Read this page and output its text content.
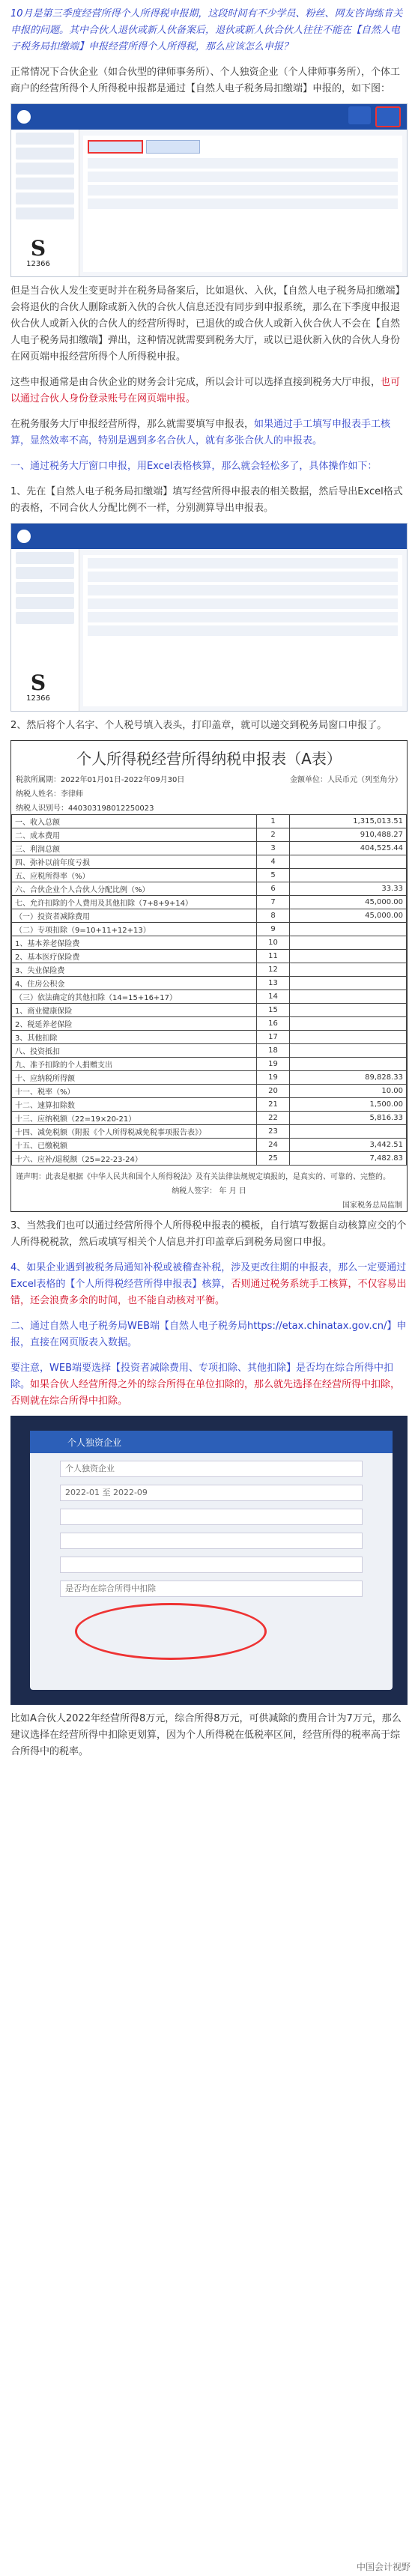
10月是第三季度经营所得个人所得税申报期，这段时间有不少学员、粉丝、网友咨询练肯关申报的问题。其中合伙人退伙或新人伙备案后，退伙或新人伙合伙人往往不能在【自然人电子税务局扣缴端】申报经营所得个人所得税，那么应该怎么申报？

正常情况下合伙企业（如合伙型的律师事务所）、个人独资企业（个人律师事务所），个体工商户的经营所得个人所得税申报都是通过【自然人电子税务局扣缴端】申报的，如下图：

S
12366

但是当合伙人发生变更时并在税务局备案后，比如退伙、入伙，【自然人电子税务局扣缴端】会将退伙的合伙人删除或新入伙的合伙人信息还没有同步到申报系统，那么在下季度申报退伙合伙人或新入伙的合伙人的经营所得时，已退伙的或合伙人或新入伙合伙人不会在【自然人电子税务局扣缴端】弹出，这种情况就需要到税务大厅，或以已退伙新入伙的合伙人身份在网页端申报经营所得个人所得税申报。

这些申报通常是由合伙企业的财务会计完成，所以会计可以选择直接到税务大厅申报，也可以通过合伙人身份登录账号在网页端申报。

在税务服务大厅申报经营所得，那么就需要填写申报表，如果通过手工填写申报表手工核算，显然效率不高，特别是遇到多名合伙人，就有多张合伙人的申报表。

一、通过税务大厅窗口申报，用Excel表格核算，那么就会轻松多了，具体操作如下：

1、先在【自然人电子税务局扣缴端】填写经营所得申报表的相关数据，然后导出Excel格式的表格，不同合伙人分配比例不一样，分别测算导出申报表。

S
12366

2、然后将个人名字、个人税号填入表头，打印盖章，就可以递交到税务局窗口申报了。

个人所得税经营所得纳税申报表（A表）
税款所属期：2022年01月01日-2022年09月30日	金额单位：人民币元（列至角分）
纳税人姓名：李律师
纳税人识别号：440303198012250023
一、收入总额	1	1,315,013.51
二、成本费用	2	910,488.27
三、利润总额	3	404,525.44
四、弥补以前年度亏损	4	
五、应税所得率（%）	5	
六、合伙企业个人合伙人分配比例（%）	6	33.33
七、允许扣除的个人费用及其他扣除（7+8+9+14）	7	45,000.00
（一）投资者减除费用	8	45,000.00
（二）专项扣除（9=10+11+12+13）	9	
1、基本养老保险费	10	
2、基本医疗保险费	11	
3、失业保险费	12	
4、住房公积金	13	
（三）依法确定的其他扣除（14=15+16+17）	14	
1、商业健康保险	15	
2、税延养老保险	16	
3、其他扣除	17	
八、投资抵扣	18	
九、准予扣除的个人捐赠支出	19	
十、应纳税所得额	19	89,828.33
十一、税率（%）	20	10.00
十二、速算扣除数	21	1,500.00
十三、应纳税额（22=19×20-21）	22	5,816.33
十四、减免税额（附报《个人所得税减免税事项报告表》）	23	
十五、已缴税额	24	3,442.51
十六、应补/退税额（25=22-23-24）	25	7,482.83
谨声明：此表是根据《中华人民共和国个人所得税法》及有关法律法规规定填报的，是真实的、可靠的、完整的。
纳税人签字： 年 月 日
国家税务总局监制

3、当然我们也可以通过经营所得个人所得税申报表的模板，自行填写数据自动核算应交的个人所得税税款，然后或填写相关个人信息并打印盖章后到税务局窗口申报。

4、如果企业遇到被税务局通知补税或被稽查补税，涉及更改往期的申报表，那么一定要通过Excel表格的【个人所得税经营所得申报表】核算，否则通过税务系统手工核算，不仅容易出错，还会浪费多余的时间，也不能自动核对平衡。

二、通过自然人电子税务局WEB端【自然人电子税务局https://etax.chinatax.gov.cn/】申报，直接在网页版表入数据。

要注意，WEB端要选择【投资者减除费用、专项扣除、其他扣除】是否均在综合所得中扣除。如果合伙人经营所得之外的综合所得在单位扣除的，那么就先选择在经营所得中扣除，否则就在综合所得中扣除。

个人独资企业
个人独资企业
2022-01 至 2022-09
是否均在综合所得中扣除

比如A合伙人2022年经营所得8万元，综合所得8万元，可供减除的费用合计为7万元，那么建议选择在经营所得中扣除更划算，因为个人所得税在低税率区间，经营所得的税率高于综合所得中的税率。

中国会计视野
